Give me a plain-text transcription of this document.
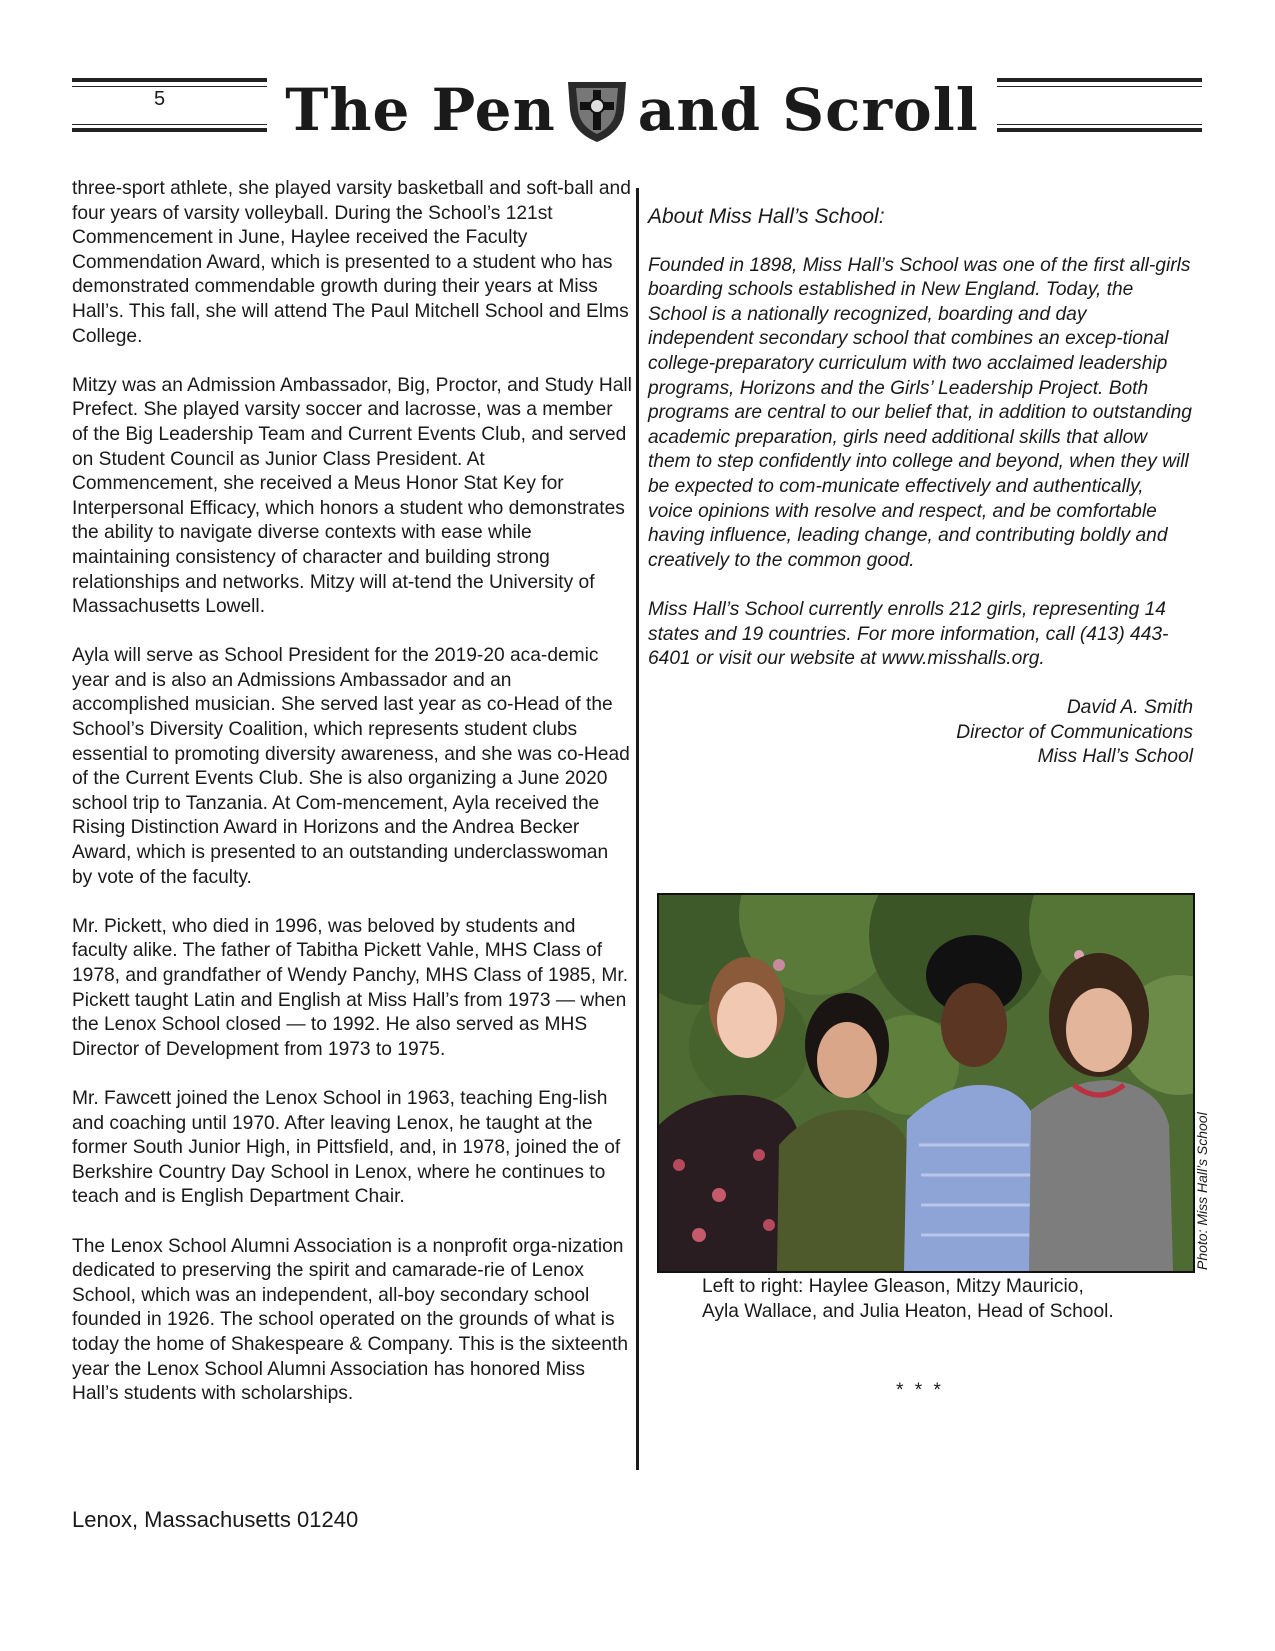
5 The Pen and Scroll

three-sport athlete, she played varsity basketball and soft-ball and four years of varsity volleyball. During the School’s 121st Commencement in June, Haylee received the Faculty Commendation Award, which is presented to a student who has demonstrated commendable growth during their years at Miss Hall’s. This fall, she will attend The Paul Mitchell School and Elms College.

Mitzy was an Admission Ambassador, Big, Proctor, and Study Hall Prefect. She played varsity soccer and lacrosse, was a member of the Big Leadership Team and Current Events Club, and served on Student Council as Junior Class President. At Commencement, she received a Meus Honor Stat Key for Interpersonal Efficacy, which honors a student who demonstrates the ability to navigate diverse contexts with ease while maintaining consistency of character and building strong relationships and networks. Mitzy will at-tend the University of Massachusetts Lowell.

Ayla will serve as School President for the 2019-20 aca-demic year and is also an Admissions Ambassador and an accomplished musician. She served last year as co-Head of the School’s Diversity Coalition, which represents student clubs essential to promoting diversity awareness, and she was co-Head of the Current Events Club. She is also organizing a June 2020 school trip to Tanzania. At Com-mencement, Ayla received the Rising Distinction Award in Horizons and the Andrea Becker Award, which is presented to an outstanding underclasswoman by vote of the faculty.

Mr. Pickett, who died in 1996, was beloved by students and faculty alike. The father of Tabitha Pickett Vahle, MHS Class of 1978, and grandfather of Wendy Panchy, MHS Class of 1985, Mr. Pickett taught Latin and English at Miss Hall’s from 1973 — when the Lenox School closed — to 1992. He also served as MHS Director of Development from 1973 to 1975.

Mr. Fawcett joined the Lenox School in 1963, teaching Eng-lish and coaching until 1970. After leaving Lenox, he taught at the former South Junior High, in Pittsfield, and, in 1978, joined the of Berkshire Country Day School in Lenox, where he continues to teach and is English Department Chair.

The Lenox School Alumni Association is a nonprofit orga-nization dedicated to preserving the spirit and camarade-rie of Lenox School, which was an independent, all-boy secondary school founded in 1926. The school operated on the grounds of what is today the home of Shakespeare & Company. This is the sixteenth year the Lenox School Alumni Association has honored Miss Hall’s students with scholarships.

About Miss Hall’s School:

Founded in 1898, Miss Hall’s School was one of the first all-girls boarding schools established in New England. Today, the School is a nationally recognized, boarding and day independent secondary school that combines an excep-tional college-preparatory curriculum with two acclaimed leadership programs, Horizons and the Girls’ Leadership Project. Both programs are central to our belief that, in addition to outstanding academic preparation, girls need additional skills that allow them to step confidently into college and beyond, when they will be expected to com-municate effectively and authentically, voice opinions with resolve and respect, and be comfortable having influence, leading change, and contributing boldly and creatively to the common good.

Miss Hall’s School currently enrolls 212 girls, representing 14 states and 19 countries. For more information, call (413) 443-6401 or visit our website at www.misshalls.org.

David A. Smith
Director of Communications
Miss Hall’s School
Photo: Miss Hall’s School
Left to right: Haylee Gleason, Mitzy Mauricio,
Ayla Wallace, and Julia Heaton, Head of School.
* * *
Lenox, Massachusetts 01240
